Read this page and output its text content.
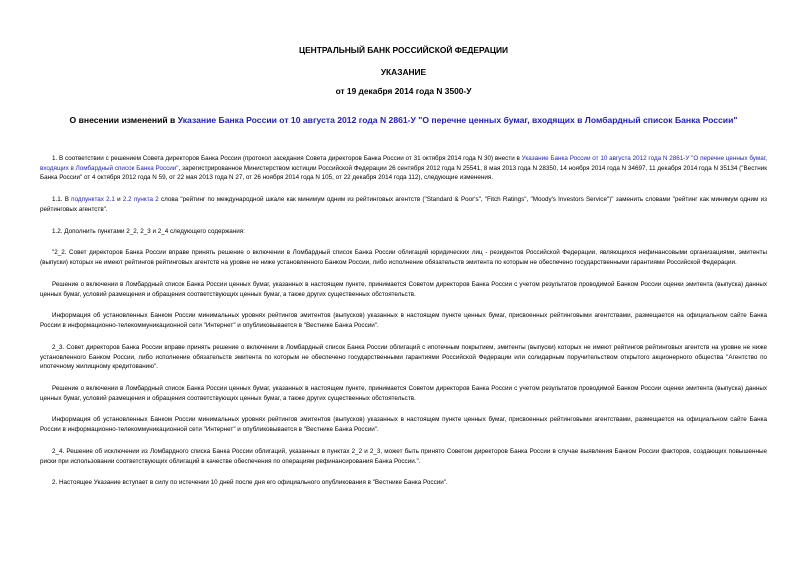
ЦЕНТРАЛЬНЫЙ БАНК РОССИЙСКОЙ ФЕДЕРАЦИИ
УКАЗАНИЕ
от 19 декабря 2014 года N 3500-У
О внесении изменений в Указание Банка России от 10 августа 2012 года N 2861-У "О перечне ценных бумаг, входящих в Ломбардный список Банка России"

1. В соответствии с решением Совета директоров Банка России (протокол заседания Совета директоров Банка России от 31 октября 2014 года N 30) внести в Указание Банка России от 10 августа 2012 года N 2861-У "О перечне ценных бумаг, входящих в Ломбардный список Банка России", зарегистрированное Министерством юстиции Российской Федерации 26 сентября 2012 года N 25541, 8 мая 2013 года N 28350, 14 ноября 2014 года N 34697, 11 декабря 2014 года N 35134 ("Вестник Банка России" от 4 октября 2012 года N 59, от 22 мая 2013 года N 27, от 26 ноября 2014 года N 105, от 22 декабря 2014 года 112), следующие изменения.

1.1. В подпунктах 2.1 и 2.2 пункта 2 слова "рейтинг по международной шкале как минимум одним из рейтинговых агентств ("Standard & Poor's", "Fitch Ratings", "Moody's Investors Service")" заменить словами "рейтинг как минимум одним из рейтинговых агентств".

1.2. Дополнить пунктами 2_2, 2_3 и 2_4 следующего содержания:

"2_2. Совет директоров Банка России вправе принять решение о включении в Ломбардный список Банка России облигаций юридических лиц - резидентов Российской Федерации, являющихся нефинансовыми организациями, эмитенты (выпуски) которых не имеют рейтингов рейтинговых агентств на уровне не ниже установленного Банком России, либо исполнение обязательств эмитента по которым не обеспечено государственными гарантиями Российской Федерации.

Решение о включении в Ломбардный список Банка России ценных бумаг, указанных в настоящем пункте, принимается Советом директоров Банка России с учетом результатов проводимой Банком России оценки эмитента (выпуска) данных ценных бумаг, условий размещения и обращения соответствующих ценных бумаг, а также других существенных обстоятельств.

Информация об установленных Банком России минимальных уровнях рейтингов эмитентов (выпусков) указанных в настоящем пункте ценных бумаг, присвоенных рейтинговыми агентствами, размещается на официальном сайте Банка России в информационно-телекоммуникационной сети "Интернет" и опубликовывается в "Вестнике Банка России".

2_3. Совет директоров Банка России вправе принять решение о включении в Ломбардный список Банка России облигаций с ипотечным покрытием, эмитенты (выпуски) которых не имеют рейтингов рейтинговых агентств на уровне не ниже установленного Банком России, либо исполнение обязательств эмитента по которым не обеспечено государственными гарантиями Российской Федерации или солидарным поручительством открытого акционерного общества "Агентство по ипотечному жилищному кредитованию".

Решение о включении в Ломбардный список Банка России ценных бумаг, указанных в настоящем пункте, принимается Советом директоров Банка России с учетом результатов проводимой Банком России оценки эмитента (выпуска) данных ценных бумаг, условий размещения и обращения соответствующих ценных бумаг, а также других существенных обстоятельств.

Информация об установленных Банком России минимальных уровнях рейтингов эмитентов (выпусков) указанных в настоящем пункте ценных бумаг, присвоенных рейтинговыми агентствами, размещается на официальном сайте Банка России в информационно-телекоммуникационной сети "Интернет" и опубликовывается в "Вестнике Банка России".

2_4. Решение об исключении из Ломбардного списка Банка России облигаций, указанных в пунктах 2_2 и 2_3, может быть принято Советом директоров Банка России в случае выявления Банком России факторов, создающих повышенные риски при использовании соответствующих облигаций в качестве обеспечения по операциям рефинансирования Банка России.".

2. Настоящее Указание вступает в силу по истечении 10 дней после дня его официального опубликования в "Вестнике Банка России".
